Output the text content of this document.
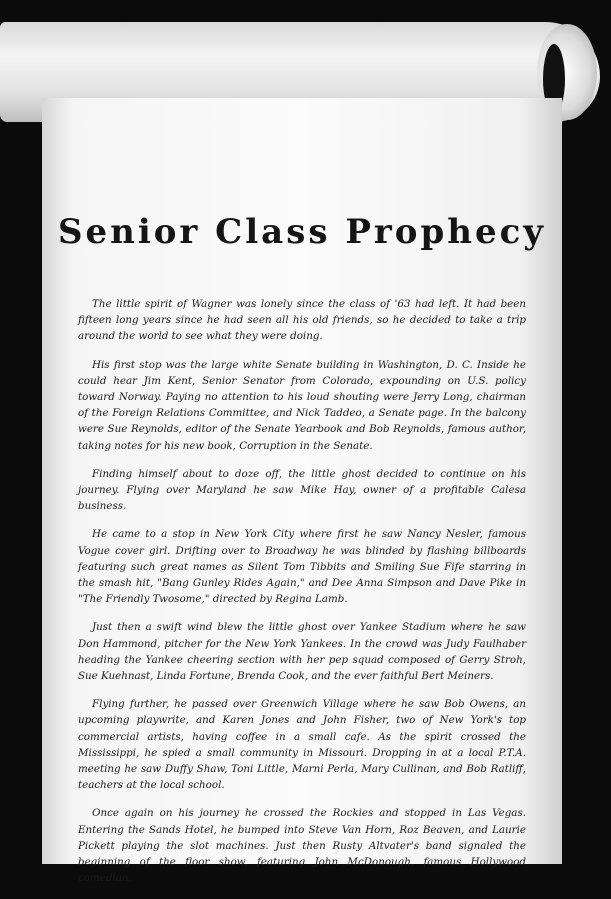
Senior Class Prophecy

The little spirit of Wagner was lonely since the class of '63 had left. It had been fifteen long years since he had seen all his old friends, so he decided to take a trip around the world to see what they were doing.

His first stop was the large white Senate building in Washington, D. C. Inside he could hear Jim Kent, Senior Senator from Colorado, expounding on U.S. policy toward Norway. Paying no attention to his loud shouting were Jerry Long, chairman of the Foreign Relations Committee, and Nick Taddeo, a Senate page. In the balcony were Sue Reynolds, editor of the Senate Yearbook and Bob Reynolds, famous author, taking notes for his new book, Corruption in the Senate.

Finding himself about to doze off, the little ghost decided to continue on his journey. Flying over Maryland he saw Mike Hay, owner of a profitable Calesa business.

He came to a stop in New York City where first he saw Nancy Nesler, famous Vogue cover girl. Drifting over to Broadway he was blinded by flashing billboards featuring such great names as Silent Tom Tibbits and Smiling Sue Fife starring in the smash hit, "Bang Gunley Rides Again," and Dee Anna Simpson and Dave Pike in "The Friendly Twosome," directed by Regina Lamb.

Just then a swift wind blew the little ghost over Yankee Stadium where he saw Don Hammond, pitcher for the New York Yankees. In the crowd was Judy Faulhaber heading the Yankee cheering section with her pep squad composed of Gerry Stroh, Sue Kuehnast, Linda Fortune, Brenda Cook, and the ever faithful Bert Meiners.

Flying further, he passed over Greenwich Village where he saw Bob Owens, an upcoming playwrite, and Karen Jones and John Fisher, two of New York's top commercial artists, having coffee in a small cafe. As the spirit crossed the Mississippi, he spied a small community in Missouri. Dropping in at a local P.T.A. meeting he saw Duffy Shaw, Toni Little, Marni Perla, Mary Cullinan, and Bob Ratliff, teachers at the local school.

Once again on his journey he crossed the Rockies and stopped in Las Vegas. Entering the Sands Hotel, he bumped into Steve Van Horn, Roz Beaven, and Laurie Pickett playing the slot machines. Just then Rusty Altvater's band signaled the beginning of the floor show, featuring John McDonough, famous Hollywood comedian.
